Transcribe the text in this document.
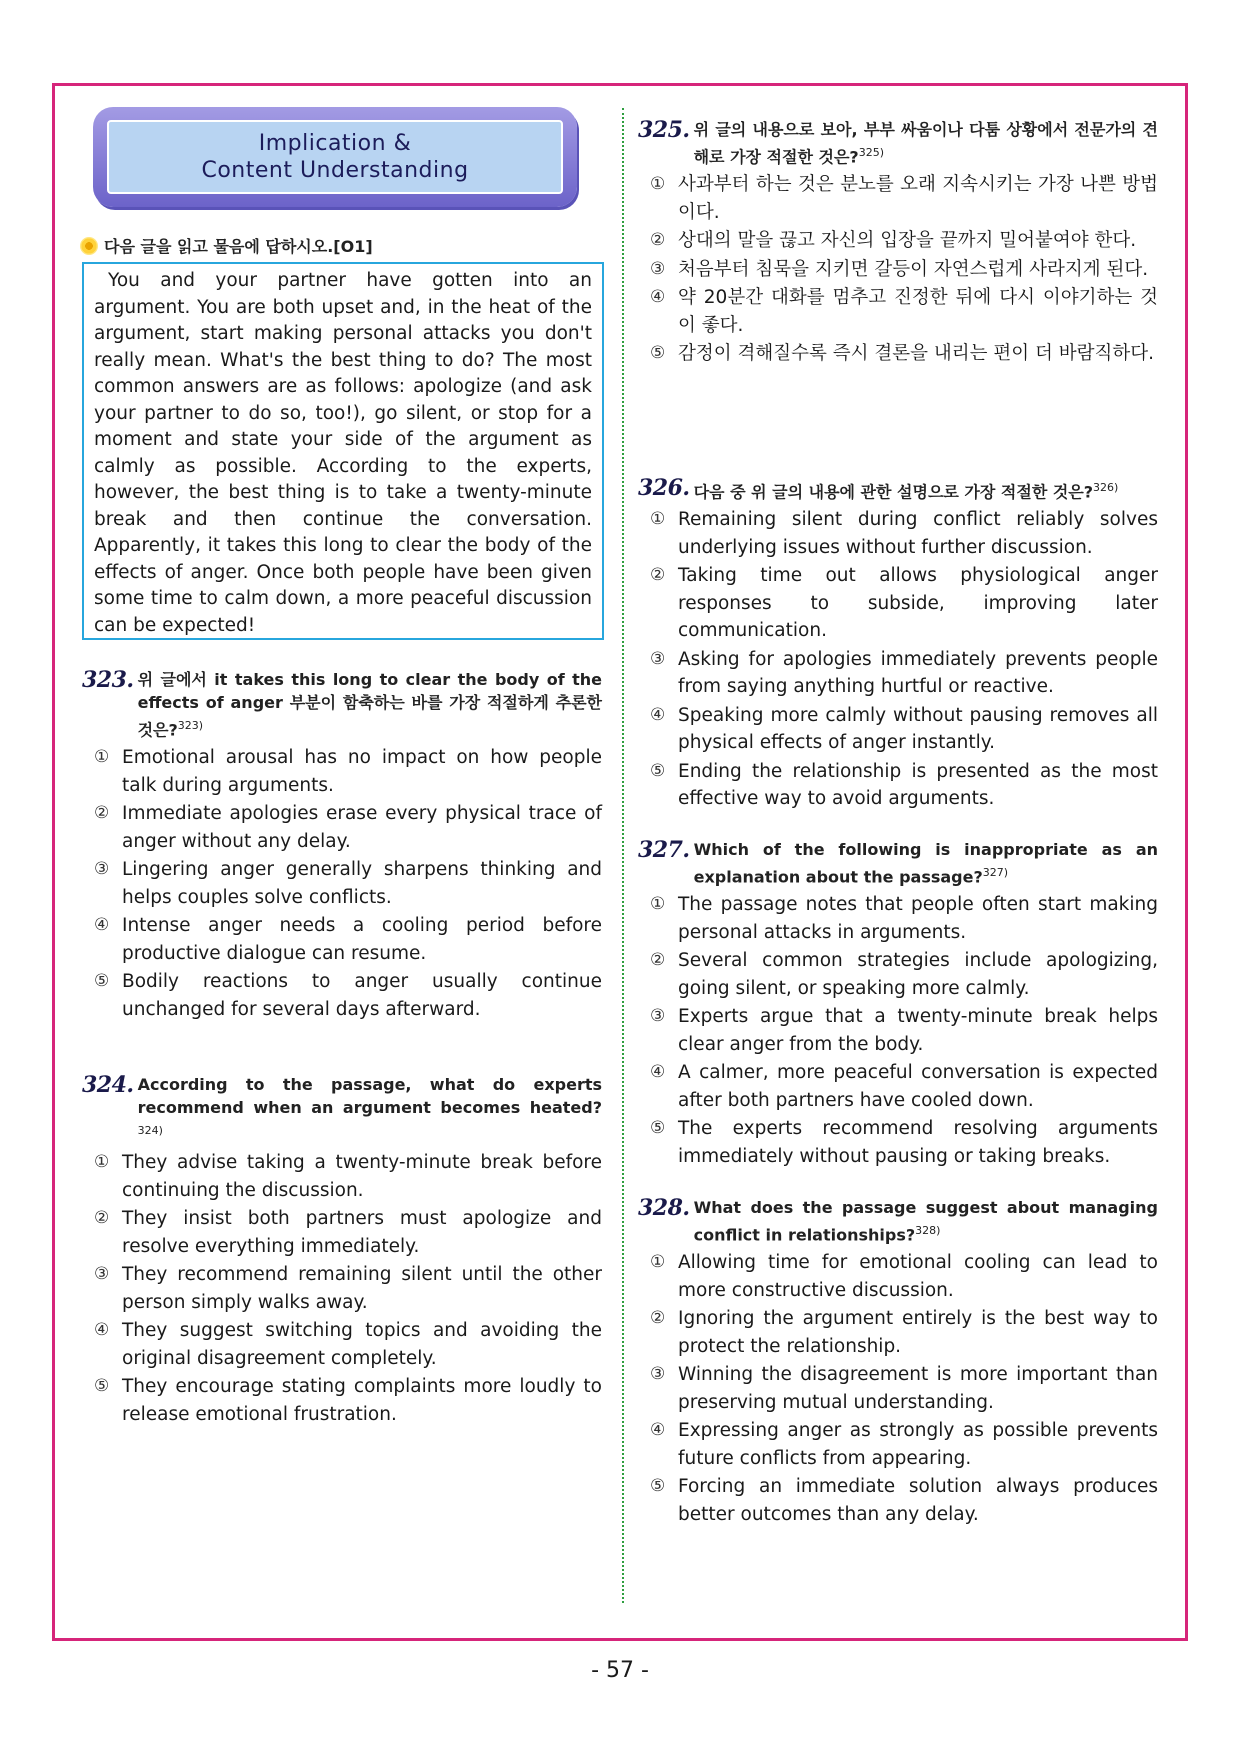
Implication &
Content Understanding
다음 글을 읽고 물음에 답하시오.[O1]
You and your partner have gotten into an argument. You are both upset and, in the heat of the argument, start making personal attacks you don't really mean. What's the best thing to do? The most common answers are as follows: apologize (and ask your partner to do so, too!), go silent, or stop for a moment and state your side of the argument as calmly as possible. According to the experts, however, the best thing is to take a twenty-minute break and then continue the conversation. Apparently, it takes this long to clear the body of the effects of anger. Once both people have been given some time to calm down, a more peaceful discussion can be expected!
323. 위 글에서 it takes this long to clear the body of the effects of anger 부분이 함축하는 바를 가장 적절하게 추론한 것은?$^{323)}$
① Emotional arousal has no impact on how people talk during arguments.
② Immediate apologies erase every physical trace of anger without any delay.
③ Lingering anger generally sharpens thinking and helps couples solve conflicts.
④ Intense anger needs a cooling period before productive dialogue can resume.
⑤ Bodily reactions to anger usually continue unchanged for several days afterward.
324. According to the passage, what do experts recommend when an argument becomes heated?$^{324)}$
① They advise taking a twenty-minute break before continuing the discussion.
② They insist both partners must apologize and resolve everything immediately.
③ They recommend remaining silent until the other person simply walks away.
④ They suggest switching topics and avoiding the original disagreement completely.
⑤ They encourage stating complaints more loudly to release emotional frustration.
325. 위 글의 내용으로 보아, 부부 싸움이나 다툼 상황에서 전문가의 견해로 가장 적절한 것은?$^{325)}$
① 사과부터 하는 것은 분노를 오래 지속시키는 가장 나쁜 방법이다.
② 상대의 말을 끊고 자신의 입장을 끝까지 밀어붙여야 한다.
③ 처음부터 침묵을 지키면 갈등이 자연스럽게 사라지게 된다.
④ 약 20분간 대화를 멈추고 진정한 뒤에 다시 이야기하는 것이 좋다.
⑤ 감정이 격해질수록 즉시 결론을 내리는 편이 더 바람직하다.
326. 다음 중 위 글의 내용에 관한 설명으로 가장 적절한 것은?$^{326)}$
① Remaining silent during conflict reliably solves underlying issues without further discussion.
② Taking time out allows physiological anger responses to subside, improving later communication.
③ Asking for apologies immediately prevents people from saying anything hurtful or reactive.
④ Speaking more calmly without pausing removes all physical effects of anger instantly.
⑤ Ending the relationship is presented as the most effective way to avoid arguments.
327. Which of the following is inappropriate as an explanation about the passage?$^{327)}$
① The passage notes that people often start making personal attacks in arguments.
② Several common strategies include apologizing, going silent, or speaking more calmly.
③ Experts argue that a twenty-minute break helps clear anger from the body.
④ A calmer, more peaceful conversation is expected after both partners have cooled down.
⑤ The experts recommend resolving arguments immediately without pausing or taking breaks.
328. What does the passage suggest about managing conflict in relationships?$^{328)}$
① Allowing time for emotional cooling can lead to more constructive discussion.
② Ignoring the argument entirely is the best way to protect the relationship.
③ Winning the disagreement is more important than preserving mutual understanding.
④ Expressing anger as strongly as possible prevents future conflicts from appearing.
⑤ Forcing an immediate solution always produces better outcomes than any delay.
- 57 -
